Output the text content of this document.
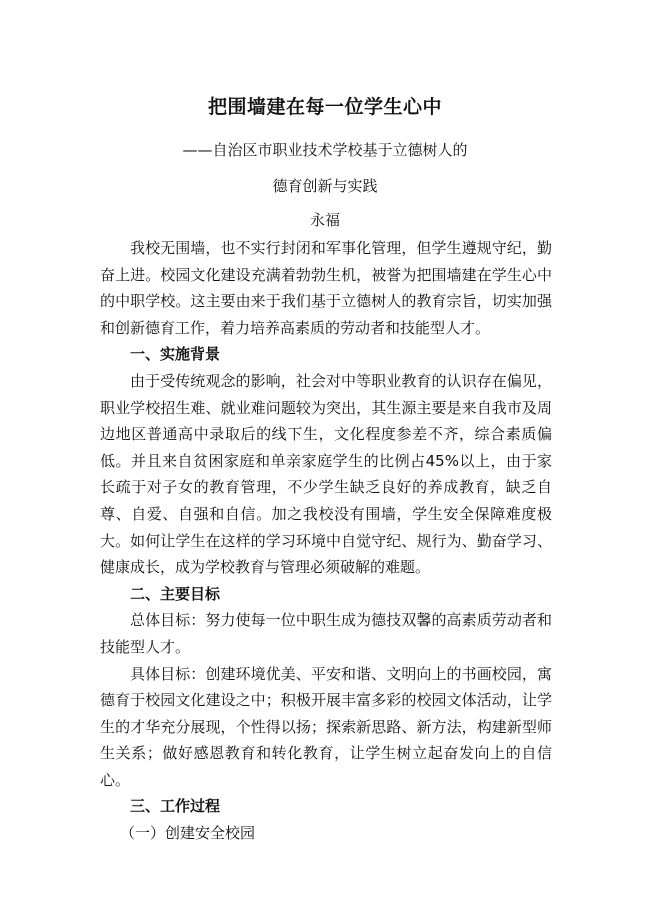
把围墙建在每一位学生心中
——自治区市职业技术学校基于立德树人的
德育创新与实践
永福

我校无围墙，也不实行封闭和军事化管理，但学生遵规守纪，勤奋上进。校园文化建设充满着勃勃生机，被誉为把围墙建在学生心中的中职学校。这主要由来于我们基于立德树人的教育宗旨，切实加强和创新德育工作，着力培养高素质的劳动者和技能型人才。

一、实施背景

由于受传统观念的影响，社会对中等职业教育的认识存在偏见，职业学校招生难、就业难问题较为突出，其生源主要是来自我市及周边地区普通高中录取后的线下生，文化程度参差不齐，综合素质偏低。并且来自贫困家庭和单亲家庭学生的比例占45%以上，由于家长疏于对子女的教育管理，不少学生缺乏良好的养成教育，缺乏自尊、自爱、自强和自信。加之我校没有围墙，学生安全保障难度极大。如何让学生在这样的学习环境中自觉守纪、规行为、勤奋学习、健康成长，成为学校教育与管理必须破解的难题。

二、主要目标

总体目标：努力使每一位中职生成为德技双馨的高素质劳动者和技能型人才。

具体目标：创建环境优美、平安和谐、文明向上的书画校园，寓德育于校园文化建设之中；积极开展丰富多彩的校园文体活动，让学生的才华充分展现，个性得以扬；探索新思路、新方法，构建新型师生关系；做好感恩教育和转化教育，让学生树立起奋发向上的自信心。

三、工作过程

（一）创建安全校园
